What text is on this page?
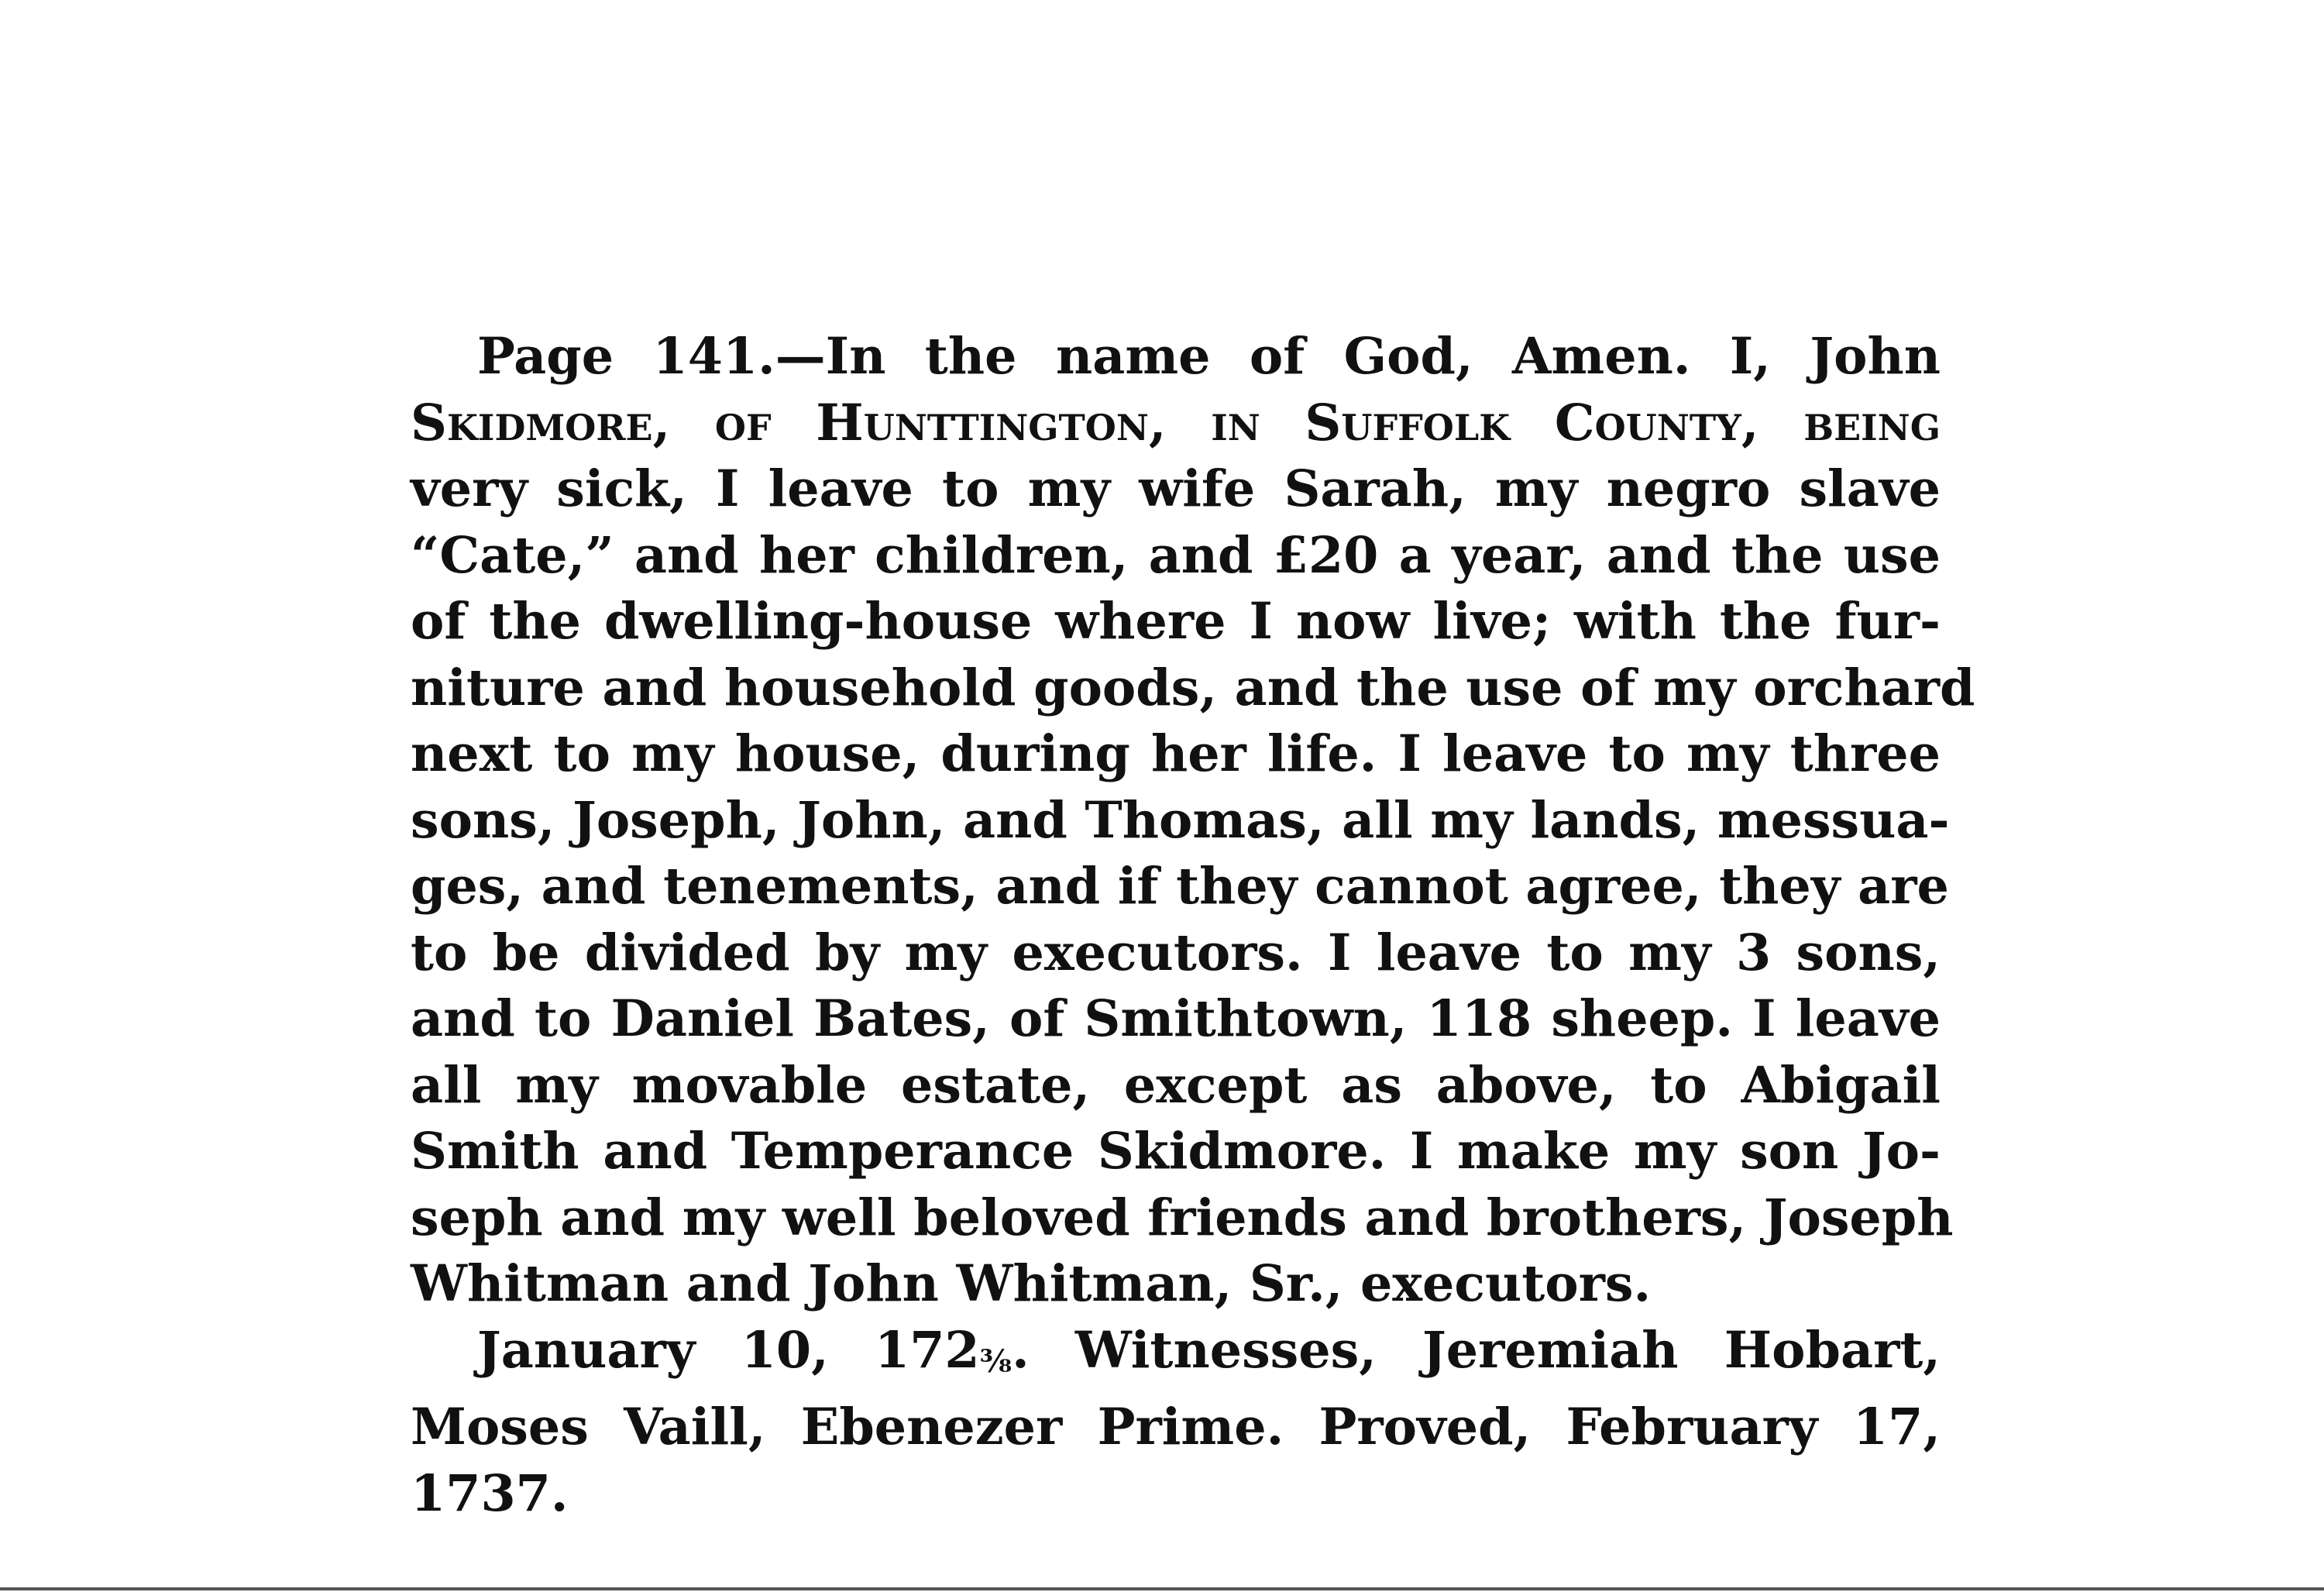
Page 141.—In the name of God, Amen. I, John
Skidmore, of Hunttington, in Suffolk County, being
very sick, I leave to my wife Sarah, my negro slave
“Cate,” and her children, and £20 a year, and the use
of the dwelling-house where I now live; with the fur-
niture and household goods, and the use of my orchard
next to my house, during her life. I leave to my three
sons, Joseph, John, and Thomas, all my lands, messua-
ges, and tenements, and if they cannot agree, they are
to be divided by my executors. I leave to my 3 sons,
and to Daniel Bates, of Smithtown, 118 sheep. I leave
all my movable estate, except as above, to Abigail
Smith and Temperance Skidmore. I make my son Jo-
seph and my well beloved friends and brothers, Joseph
Whitman and John Whitman, Sr., executors.
January 10, 172⅜. Witnesses, Jeremiah Hobart,
Moses Vaill, Ebenezer Prime. Proved, February 17,
1737.
